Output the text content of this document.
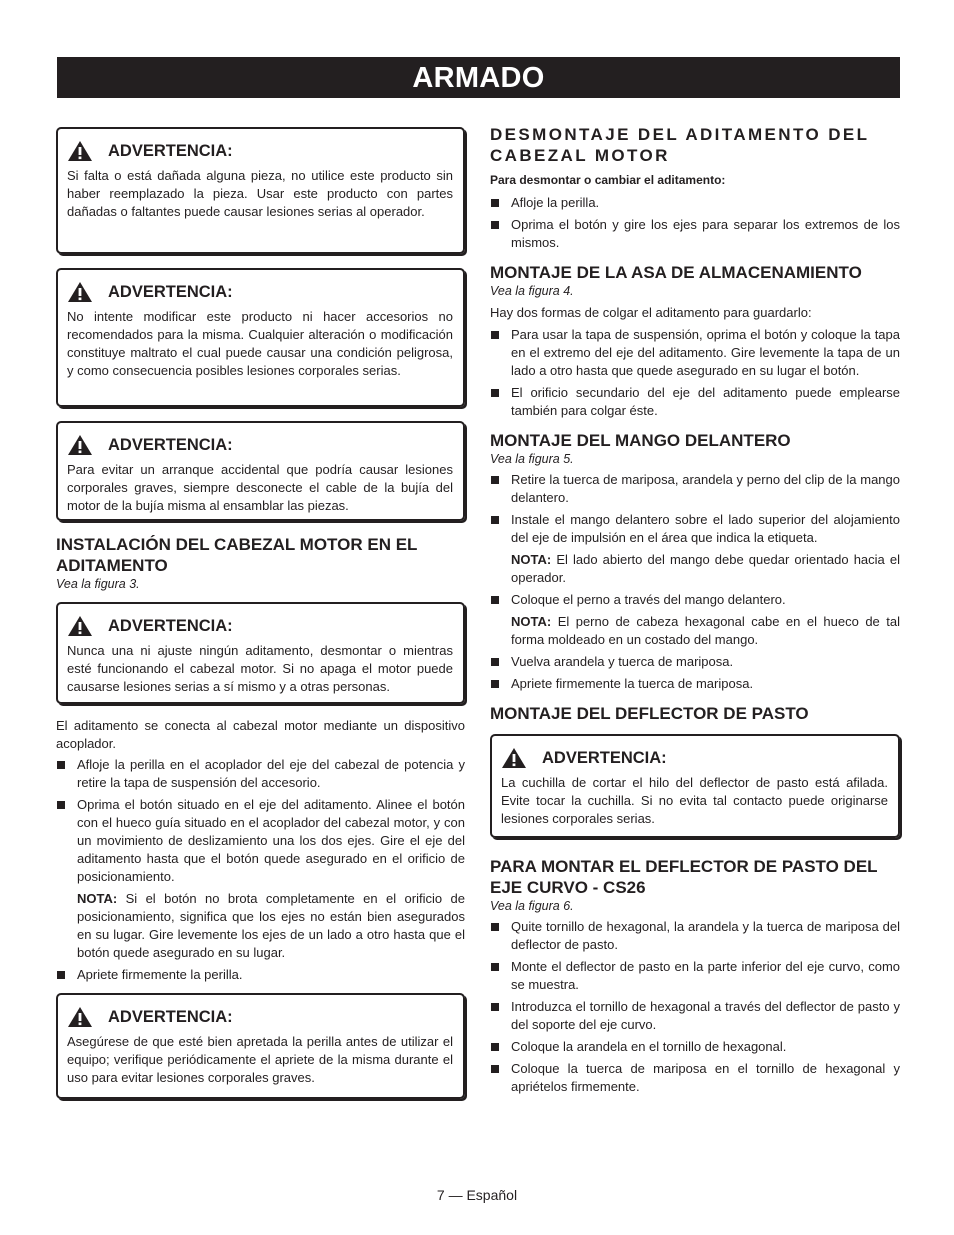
ARMADO
ADVERTENCIA:
Si falta o está dañada alguna pieza, no utilice este producto sin haber reemplazado la pieza. Usar este producto con partes dañadas o faltantes puede causar lesiones serias al operador.
ADVERTENCIA:
No intente modificar este producto ni hacer accesorios no recomendados para la misma. Cualquier alteración o modificación constituye maltrato el cual puede causar una condición peligrosa, y como consecuencia posibles lesiones corporales serias.
ADVERTENCIA:
Para evitar un arranque accidental que podría causar lesiones corporales graves, siempre desconecte el cable de la bujía del motor de la bujía misma al ensamblar las piezas.
INSTALACIÓN DEL CABEZAL MOTOR EN EL ADITAMENTO
Vea la figura 3.
ADVERTENCIA:
Nunca una ni ajuste ningún aditamento, desmontar o mientras esté funcionando el cabezal motor. Si no apaga el motor puede causarse lesiones serias a sí mismo y a otras personas.

El aditamento se conecta al cabezal motor mediante un dispositivo acoplador.

Afloje la perilla en el acoplador del eje del cabezal de potencia y retire la tapa de suspensión del accesorio.
Oprima el botón situado en el eje del aditamento. Alinee el botón con el hueco guía situado en el acoplador del cabezal motor, y con un movimiento de deslizamiento una los dos ejes. Gire el eje del aditamento hasta que el botón quede asegurado en el orificio de posicionamiento.
NOTA: Si el botón no brota completamente en el orificio de posicionamiento, significa que los ejes no están bien asegurados en su lugar. Gire levemente los ejes de un lado a otro hasta que el botón quede asegurado en su lugar.
Apriete firmemente la perilla.
ADVERTENCIA:
Asegúrese de que esté bien apretada la perilla antes de utilizar el equipo; verifique periódicamente el apriete de la misma durante el uso para evitar lesiones corporales graves.
DESMONTAJE DEL ADITAMENTO DEL CABEZAL MOTOR

Para desmontar o cambiar el aditamento:

Afloje la perilla.
Oprima el botón y gire los ejes para separar los extremos de los mismos.
MONTAJE DE LA ASA DE ALMACENAMIENTO
Vea la figura 4.

Hay dos formas de colgar el aditamento para guardarlo:

Para usar la tapa de suspensión, oprima el botón y coloque la tapa en el extremo del eje del aditamento. Gire levemente la tapa de un lado a otro hasta que quede asegurado en su lugar el botón.
El orificio secundario del eje del aditamento puede emplearse también para colgar éste.
MONTAJE DEL MANGO DELANTERO
Vea la figura 5.
Retire la tuerca de mariposa, arandela y perno del clip de la mango delantero.
Instale el mango delantero sobre el lado superior del alojamiento del eje de impulsión en el área que indica la etiqueta.
NOTA: El lado abierto del mango debe quedar orientado hacia el operador.
Coloque el perno a través del mango delantero.
NOTA: El perno de cabeza hexagonal cabe en el hueco de tal forma moldeado en un costado del mango.
Vuelva arandela y tuerca de mariposa.
Apriete firmemente la tuerca de mariposa.
MONTAJE DEL DEFLECTOR DE PASTO
ADVERTENCIA:
La cuchilla de cortar el hilo del deflector de pasto está afilada. Evite tocar la cuchilla. Si no evita tal contacto puede originarse lesiones corporales serias.
PARA MONTAR EL DEFLECTOR DE PASTO DEL EJE CURVO - CS26
Vea la figura 6.
Quite tornillo de hexagonal, la arandela y la tuerca de mariposa del deflector de pasto.
Monte el deflector de pasto en la parte inferior del eje curvo, como se muestra.
Introduzca el tornillo de hexagonal a través del deflector de pasto y del soporte del eje curvo.
Coloque la arandela en el tornillo de hexagonal.
Coloque la tuerca de mariposa en el tornillo de hexagonal y apriételos firmemente.
7 — Español
